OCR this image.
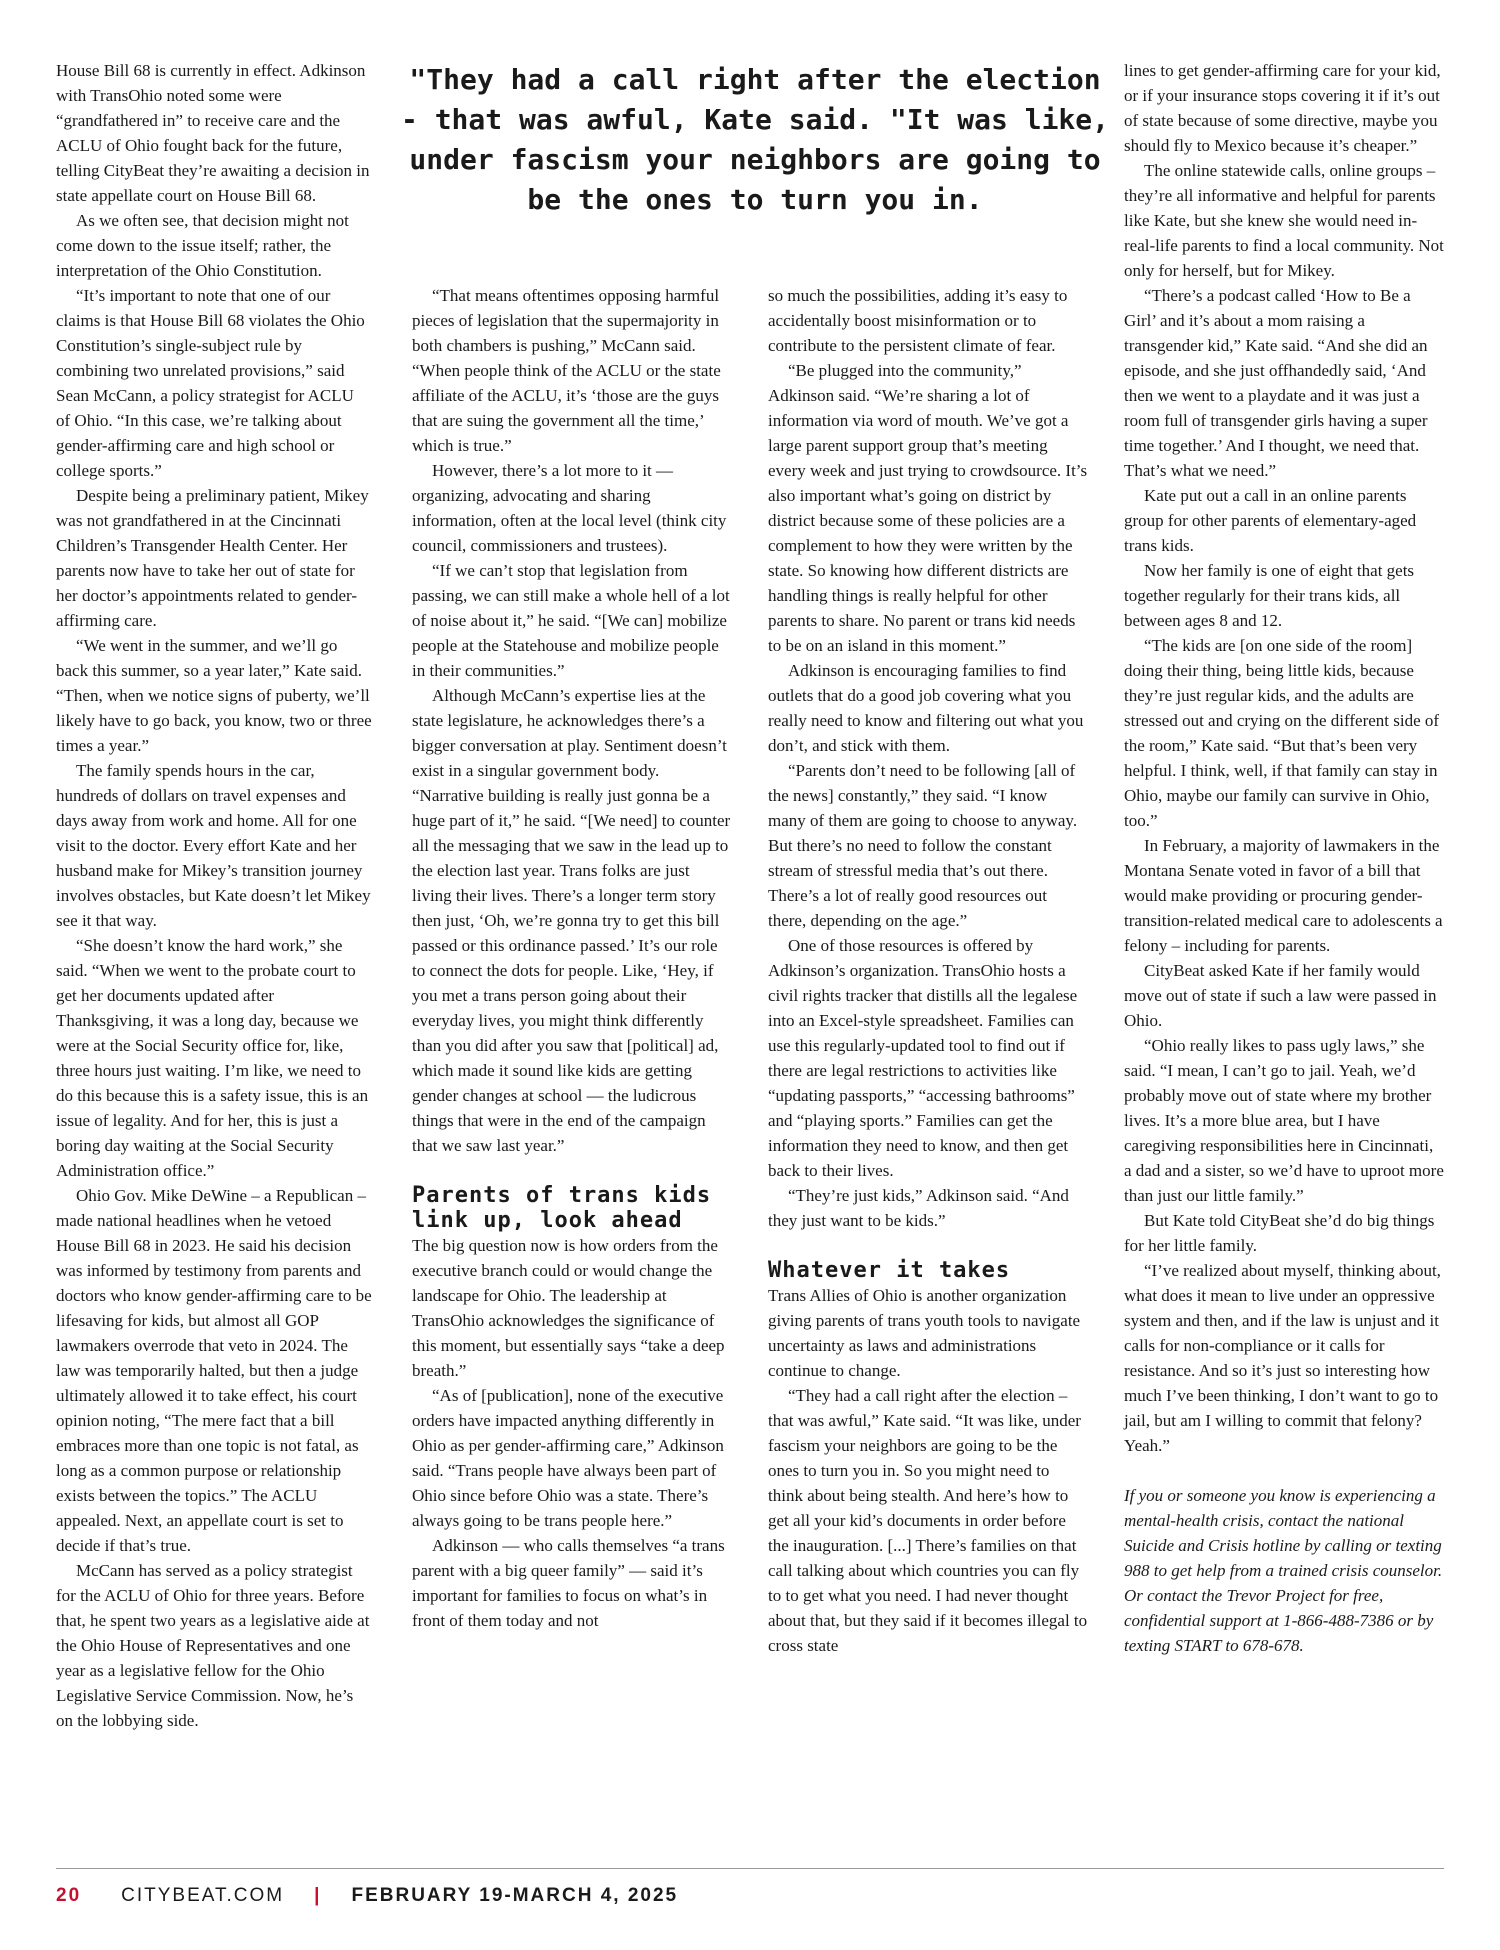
"They had a call right after the election - that was awful, Kate said. "It was like, under fascism your neighbors are going to be the ones to turn you in.

House Bill 68 is currently in effect. Adkinson with TransOhio noted some were “grandfathered in” to receive care and the ACLU of Ohio fought back for the future, telling CityBeat they’re awaiting a decision in state appellate court on House Bill 68.

As we often see, that decision might not come down to the issue itself; rather, the interpretation of the Ohio Constitution.

“It’s important to note that one of our claims is that House Bill 68 violates the Ohio Constitution’s single-subject rule by combining two unrelated provisions,” said Sean McCann, a policy strategist for ACLU of Ohio. “In this case, we’re talking about gender-affirming care and high school or college sports.”

Despite being a preliminary patient, Mikey was not grandfathered in at the Cincinnati Children’s Transgender Health Center. Her parents now have to take her out of state for her doctor’s appointments related to gender-affirming care.

“We went in the summer, and we’ll go back this summer, so a year later,” Kate said. “Then, when we notice signs of puberty, we’ll likely have to go back, you know, two or three times a year.”

The family spends hours in the car, hundreds of dollars on travel expenses and days away from work and home. All for one visit to the doctor. Every effort Kate and her husband make for Mikey’s transition journey involves obstacles, but Kate doesn’t let Mikey see it that way.

“She doesn’t know the hard work,” she said. “When we went to the probate court to get her documents updated after Thanksgiving, it was a long day, because we were at the Social Security office for, like, three hours just waiting. I’m like, we need to do this because this is a safety issue, this is an issue of legality. And for her, this is just a boring day waiting at the Social Security Administration office.”

Ohio Gov. Mike DeWine – a Republican – made national headlines when he vetoed House Bill 68 in 2023. He said his decision was informed by testimony from parents and doctors who know gender-affirming care to be lifesaving for kids, but almost all GOP lawmakers overrode that veto in 2024. The law was temporarily halted, but then a judge ultimately allowed it to take effect, his court opinion noting, “The mere fact that a bill embraces more than one topic is not fatal, as long as a common purpose or relationship exists between the topics.” The ACLU appealed. Next, an appellate court is set to decide if that’s true.

McCann has served as a policy strategist for the ACLU of Ohio for three years. Before that, he spent two years as a legislative aide at the Ohio House of Representatives and one year as a legislative fellow for the Ohio Legislative Service Commission. Now, he’s on the lobbying side.

“That means oftentimes opposing harmful pieces of legislation that the supermajority in both chambers is pushing,” McCann said. “When people think of the ACLU or the state affiliate of the ACLU, it’s ‘those are the guys that are suing the government all the time,’ which is true.”

However, there’s a lot more to it — organizing, advocating and sharing information, often at the local level (think city council, commissioners and trustees).

“If we can’t stop that legislation from passing, we can still make a whole hell of a lot of noise about it,” he said. “[We can] mobilize people at the Statehouse and mobilize people in their communities.”

Although McCann’s expertise lies at the state legislature, he acknowledges there’s a bigger conversation at play. Sentiment doesn’t exist in a singular government body.

“Narrative building is really just gonna be a huge part of it,” he said. “[We need] to counter all the messaging that we saw in the lead up to the election last year. Trans folks are just living their lives. There’s a longer term story then just, ‘Oh, we’re gonna try to get this bill passed or this ordinance passed.’ It’s our role to connect the dots for people. Like, ‘Hey, if you met a trans person going about their everyday lives, you might think differently than you did after you saw that [political] ad, which made it sound like kids are getting gender changes at school — the ludicrous things that were in the end of the campaign that we saw last year.”

Parents of trans kids link up, look ahead

The big question now is how orders from the executive branch could or would change the landscape for Ohio. The leadership at TransOhio acknowledges the significance of this moment, but essentially says “take a deep breath.”

“As of [publication], none of the executive orders have impacted anything differently in Ohio as per gender-affirming care,” Adkinson said. “Trans people have always been part of Ohio since before Ohio was a state. There’s always going to be trans people here.”

Adkinson — who calls themselves “a trans parent with a big queer family” — said it’s important for families to focus on what’s in front of them today and not

so much the possibilities, adding it’s easy to accidentally boost misinformation or to contribute to the persistent climate of fear.

“Be plugged into the community,” Adkinson said. “We’re sharing a lot of information via word of mouth. We’ve got a large parent support group that’s meeting every week and just trying to crowdsource. It’s also important what’s going on district by district because some of these policies are a complement to how they were written by the state. So knowing how different districts are handling things is really helpful for other parents to share. No parent or trans kid needs to be on an island in this moment.”

Adkinson is encouraging families to find outlets that do a good job covering what you really need to know and filtering out what you don’t, and stick with them.

“Parents don’t need to be following [all of the news] constantly,” they said. “I know many of them are going to choose to anyway. But there’s no need to follow the constant stream of stressful media that’s out there. There’s a lot of really good resources out there, depending on the age.”

One of those resources is offered by Adkinson’s organization. TransOhio hosts a civil rights tracker that distills all the legalese into an Excel-style spreadsheet. Families can use this regularly-updated tool to find out if there are legal restrictions to activities like “updating passports,” “accessing bathrooms” and “playing sports.” Families can get the information they need to know, and then get back to their lives.

“They’re just kids,” Adkinson said. “And they just want to be kids.”

Whatever it takes

Trans Allies of Ohio is another organization giving parents of trans youth tools to navigate uncertainty as laws and administrations continue to change.

“They had a call right after the election – that was awful,” Kate said. “It was like, under fascism your neighbors are going to be the ones to turn you in. So you might need to think about being stealth. And here’s how to get all your kid’s documents in order before the inauguration. [...] There’s families on that call talking about which countries you can fly to to get what you need. I had never thought about that, but they said if it becomes illegal to cross state

lines to get gender-affirming care for your kid, or if your insurance stops covering it if it’s out of state because of some directive, maybe you should fly to Mexico because it’s cheaper.”

The online statewide calls, online groups – they’re all informative and helpful for parents like Kate, but she knew she would need in-real-life parents to find a local community. Not only for herself, but for Mikey.

“There’s a podcast called ‘How to Be a Girl’ and it’s about a mom raising a transgender kid,” Kate said. “And she did an episode, and she just offhandedly said, ‘And then we went to a playdate and it was just a room full of transgender girls having a super time together.’ And I thought, we need that. That’s what we need.”

Kate put out a call in an online parents group for other parents of elementary-aged trans kids.

Now her family is one of eight that gets together regularly for their trans kids, all between ages 8 and 12.

“The kids are [on one side of the room] doing their thing, being little kids, because they’re just regular kids, and the adults are stressed out and crying on the different side of the room,” Kate said. “But that’s been very helpful. I think, well, if that family can stay in Ohio, maybe our family can survive in Ohio, too.”

In February, a majority of lawmakers in the Montana Senate voted in favor of a bill that would make providing or procuring gender-transition-related medical care to adolescents a felony – including for parents.

CityBeat asked Kate if her family would move out of state if such a law were passed in Ohio.

“Ohio really likes to pass ugly laws,” she said. “I mean, I can’t go to jail. Yeah, we’d probably move out of state where my brother lives. It’s a more blue area, but I have caregiving responsibilities here in Cincinnati, a dad and a sister, so we’d have to uproot more than just our little family.”

But Kate told CityBeat she’d do big things for her little family.

“I’ve realized about myself, thinking about, what does it mean to live under an oppressive system and then, and if the law is unjust and it calls for non-compliance or it calls for resistance. And so it’s just so interesting how much I’ve been thinking, I don’t want to go to jail, but am I willing to commit that felony? Yeah.”

If you or someone you know is experiencing a mental-health crisis, contact the national Suicide and Crisis hotline by calling or texting 988 to get help from a trained crisis counselor. Or contact the Trevor Project for free, confidential support at 1-866-488-7386 or by texting START to 678-678.

20 CITYBEAT.COM | FEBRUARY 19-MARCH 4, 2025
